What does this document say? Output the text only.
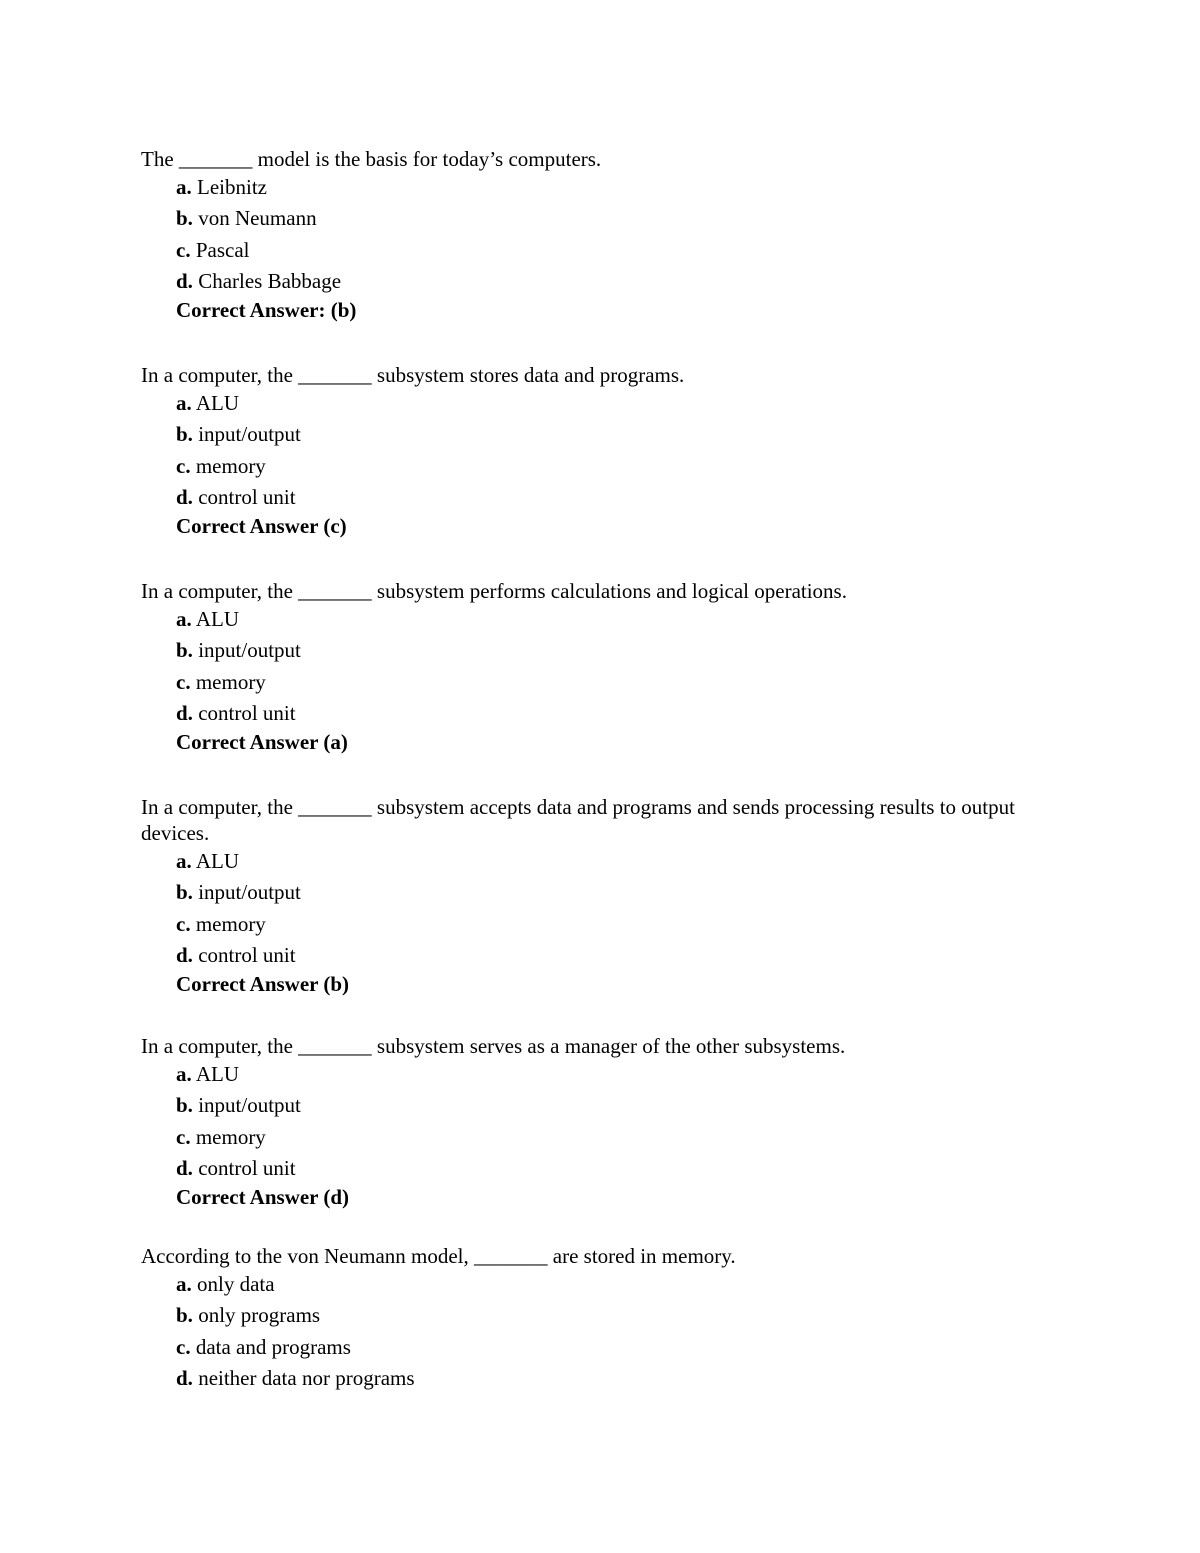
The _______ model is the basis for today’s computers.

a. Leibnitz
b. von Neumann
c. Pascal
d. Charles Babbage
Correct Answer: (b)

In a computer, the _______ subsystem stores data and programs.

a. ALU
b. input/output
c. memory
d. control unit
Correct Answer (c)

In a computer, the _______ subsystem performs calculations and logical operations.

a. ALU
b. input/output
c. memory
d. control unit
Correct Answer (a)

In a computer, the _______ subsystem accepts data and programs and sends processing results to output devices.

a. ALU
b. input/output
c. memory
d. control unit
Correct Answer (b)

In a computer, the _______ subsystem serves as a manager of the other subsystems.

a. ALU
b. input/output
c. memory
d. control unit
Correct Answer (d)

According to the von Neumann model, _______ are stored in memory.

a. only data
b. only programs
c. data and programs
d. neither data nor programs
